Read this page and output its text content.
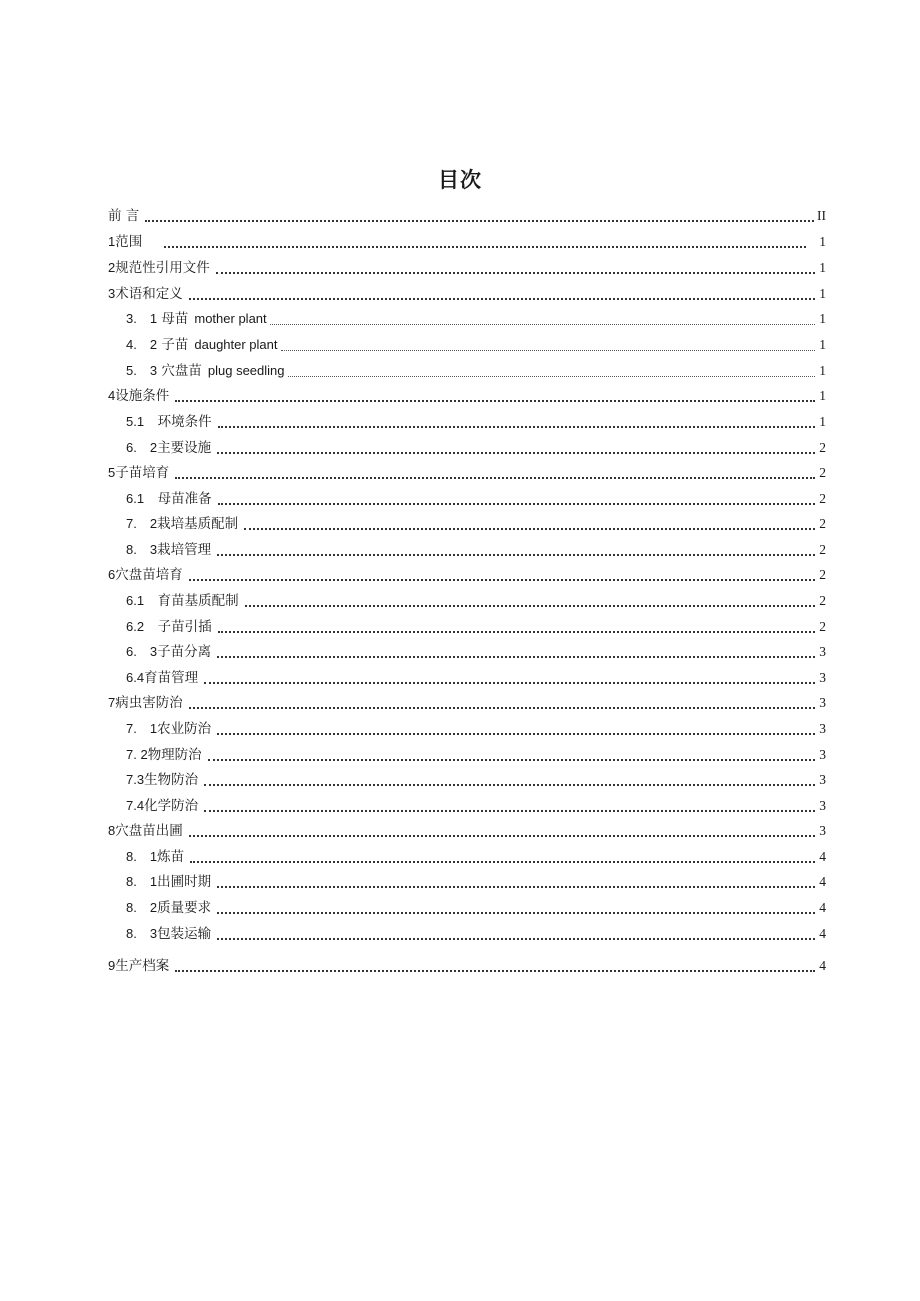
目次
前 言	II
1范围	1
2规范性引用文件	1
3术语和定义	1
3.　1 母苗 mother plant	1
4.　2 子苗 daughter plant	1
5.　3 穴盘苗 plug seedling	1
4设施条件	1
5.1　环境条件	1
6.　2主要设施	2
5子苗培育	2
6.1　母苗准备	2
7.　2栽培基质配制	2
8.　3栽培管理	2
6穴盘苗培育	2
6.1　育苗基质配制	2
6.2　子苗引插	2
6.　3子苗分离	3
6.4育苗管理	3
7病虫害防治	3
7.　1农业防治	3
7. 2物理防治	3
7.3生物防治	3
7.4化学防治	3
8穴盘苗出圃	3
8.　1炼苗	4
8.　1出圃时期	4
8.　2质量要求	4
8.　3包装运输	4
9生产档案	4
